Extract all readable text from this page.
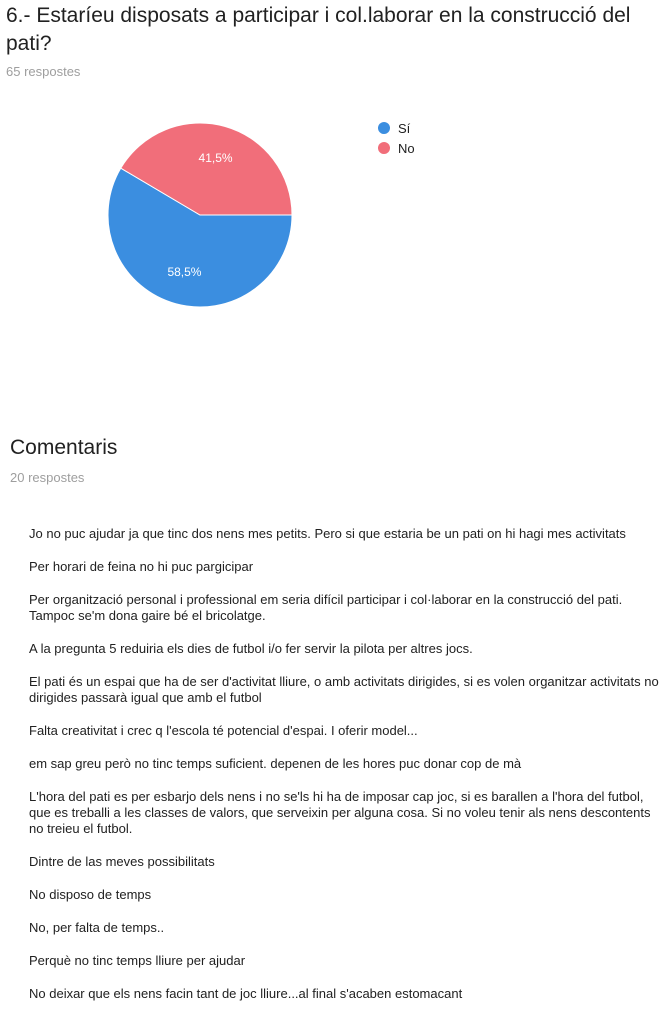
6.- Estaríeu disposats a participar i col.laborar en la construcció del pati?
65 respostes
58,5%
41,5%
Sí
No
Comentaris
20 respostes
Jo no puc ajudar ja que tinc dos nens mes petits. Pero si que estaria be un pati on hi hagi mes activitats
Per horari de feina no hi puc pargicipar
Per organització personal i professional em seria difícil participar i col·laborar en la construcció del pati. Tampoc se'm dona gaire bé el bricolatge.
A la pregunta 5 reduiria els dies de futbol i/o fer servir la pilota per altres jocs.
El pati és un espai que ha de ser d'activitat lliure, o amb activitats dirigides, si es volen organitzar activitats no dirigides passarà igual que amb el futbol
Falta creativitat i crec q l'escola té potencial d'espai. I oferir model...
em sap greu però no tinc temps suficient. depenen de les hores puc donar cop de mà
L'hora del pati es per esbarjo dels nens i no se'ls hi ha de imposar cap joc, si es barallen a l'hora del futbol, que es treballi a les classes de valors, que serveixin per alguna cosa. Si no voleu tenir als nens descontents no treieu el futbol.
Dintre de las meves possibilitats
No disposo de temps
No, per falta de temps..
Perquè no tinc temps lliure per ajudar
No deixar que els nens facin tant de joc lliure...al final s'acaben estomacant
